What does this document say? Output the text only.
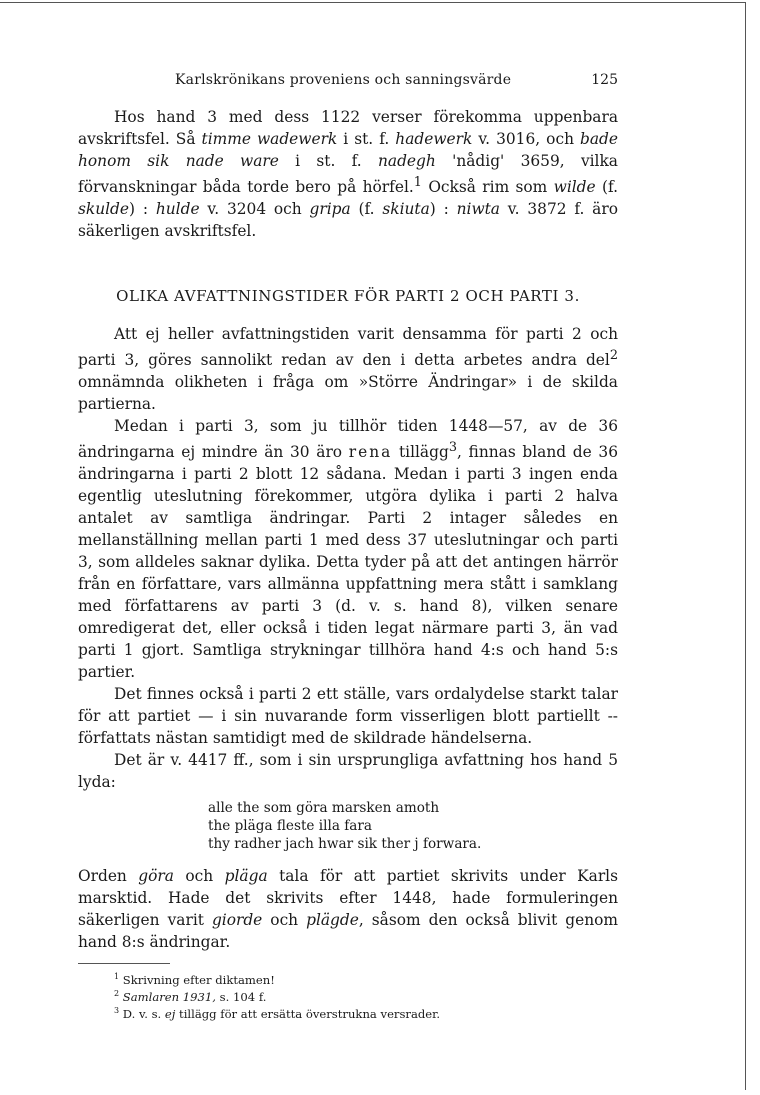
Karlskrönikans proveniens och sanningsvärde	125

Hos hand 3 med dess 1122 verser förekomma uppenbara avskriftsfel. Så timme wadewerk i st. f. hadewerk v. 3016, och bade honom sik nade ware i st. f. nadegh 'nådig' 3659, vilka förvanskningar båda torde bero på hörfel.$^1$ Också rim som wilde (f. skulde) : hulde v. 3204 och gripa (f. skiuta) : niwta v. 3872 f. äro säkerligen avskriftsfel.

OLIKA AVFATTNINGSTIDER FÖR PARTI 2 OCH PARTI 3.

Att ej heller avfattningstiden varit densamma för parti 2 och parti 3, göres sannolikt redan av den i detta arbetes andra del$^2$ omnämnda olikheten i fråga om »Större Ändringar» i de skilda partierna.

Medan i parti 3, som ju tillhör tiden 1448—57, av de 36 ändringarna ej mindre än 30 äro rena tillägg$^3$, finnas bland de 36 ändringarna i parti 2 blott 12 sådana. Medan i parti 3 ingen enda egentlig uteslutning förekommer, utgöra dylika i parti 2 halva antalet av samtliga ändringar. Parti 2 intager således en mellanställning mellan parti 1 med dess 37 uteslutningar och parti 3, som alldeles saknar dylika. Detta tyder på att det antingen härrör från en författare, vars allmänna uppfattning mera stått i samklang med författarens av parti 3 (d. v. s. hand 8), vilken senare omredigerat det, eller också i tiden legat närmare parti 3, än vad parti 1 gjort. Samtliga strykningar tillhöra hand 4:s och hand 5:s partier.

Det finnes också i parti 2 ett ställe, vars ordalydelse starkt talar för att partiet — i sin nuvarande form visserligen blott partiellt -- författats nästan samtidigt med de skildrade händelserna.

Det är v. 4417 ff., som i sin ursprungliga avfattning hos hand 5 lyda:

alle the som göra marsken amoth
the pläga fleste illa fara
thy radher jach hwar sik ther j forwara.

Orden göra och pläga tala för att partiet skrivits under Karls marsktid. Hade det skrivits efter 1448, hade formuleringen säkerligen varit giorde och plägde, såsom den också blivit genom hand 8:s ändringar.

$^1$ Skrivning efter diktamen!
$^2$ Samlaren 1931, s. 104 f.
$^3$ D. v. s. ej tillägg för att ersätta överstrukna versrader.
